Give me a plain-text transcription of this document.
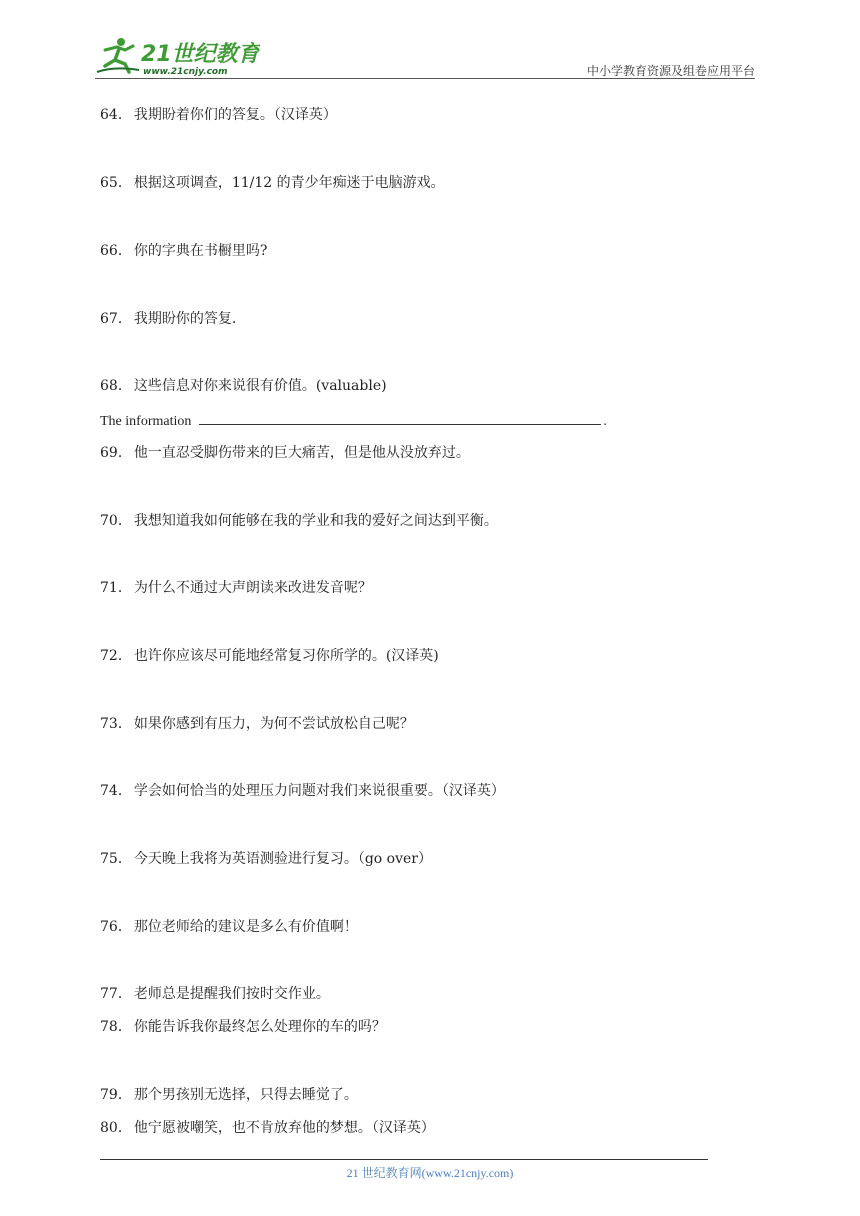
21世纪教育
www.21cnjy.com	中小学教育资源及组卷应用平台
64． 我期盼着你们的答复。（汉译英）
65． 根据这项调查，11/12 的青少年痴迷于电脑游戏。
66． 你的字典在书橱里吗?
67． 我期盼你的答复.
68． 这些信息对你来说很有价值。(valuable)
The information	.
69． 他一直忍受脚伤带来的巨大痛苦，但是他从没放弃过。
70． 我想知道我如何能够在我的学业和我的爱好之间达到平衡。
71． 为什么不通过大声朗读来改进发音呢？
72． 也许你应该尽可能地经常复习你所学的。(汉译英)
73． 如果你感到有压力，为何不尝试放松自己呢？
74． 学会如何恰当的处理压力问题对我们来说很重要。（汉译英）
75． 今天晚上我将为英语测验进行复习。（go over）
76． 那位老师给的建议是多么有价值啊！
77． 老师总是提醒我们按时交作业。
78． 你能告诉我你最终怎么处理你的车的吗？
79． 那个男孩别无选择，只得去睡觉了。
80． 他宁愿被嘲笑，也不肯放弃他的梦想。（汉译英）
21 世纪教育网(www.21cnjy.com)
